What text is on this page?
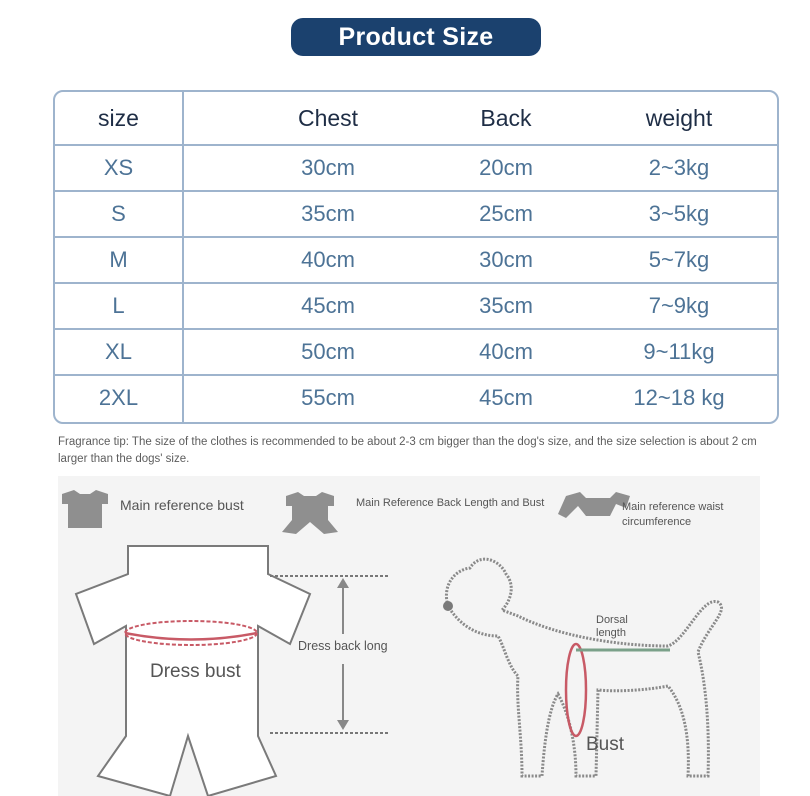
Product Size
size	Chest	Back	weight
XS	30cm	20cm	2~3kg
S	35cm	25cm	3~5kg
M	40cm	30cm	5~7kg
L	45cm	35cm	7~9kg
XL	50cm	40cm	9~11kg
2XL	55cm	45cm	12~18 kg
Fragrance tip: The size of the clothes is recommended to be about 2-3 cm bigger than the dog's size, and the size selection is about 2 cm larger than the dogs' size.
Main reference bust	Main Reference Back Length and Bust	Main reference waist circumference
Dress bust
Dress back long
Dorsal length
Bust
